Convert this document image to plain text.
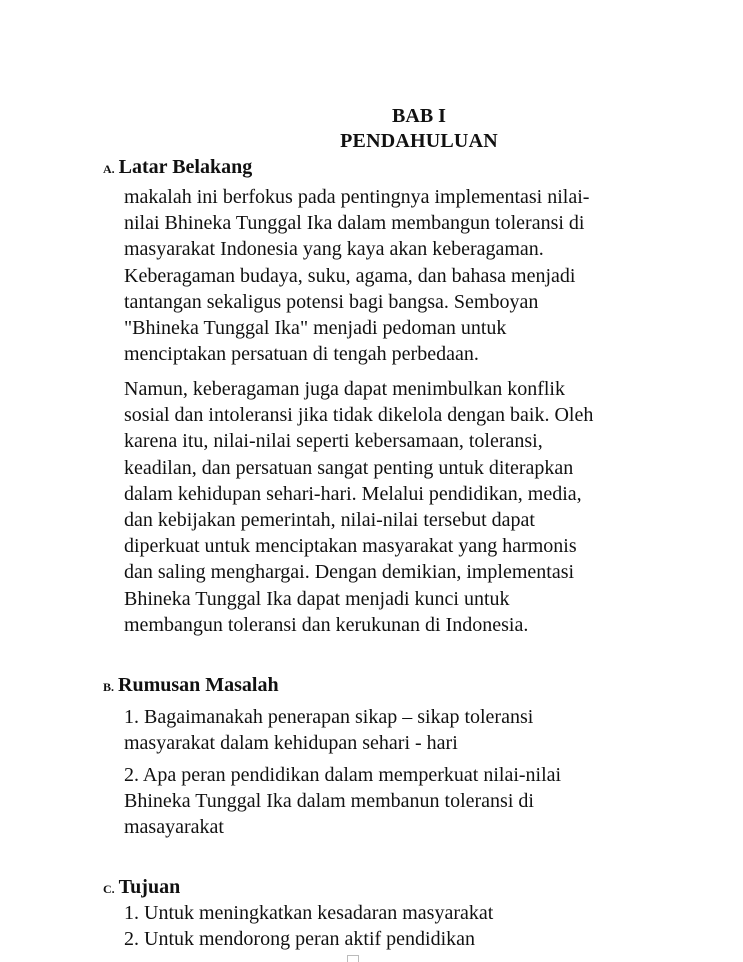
BAB I
PENDAHULUAN
A. Latar Belakang
makalah ini berfokus pada pentingnya implementasi nilai-
nilai Bhineka Tunggal Ika dalam membangun toleransi di
masyarakat Indonesia yang kaya akan keberagaman.
Keberagaman budaya, suku, agama, dan bahasa menjadi
tantangan sekaligus potensi bagi bangsa. Semboyan
"Bhineka Tunggal Ika" menjadi pedoman untuk
menciptakan persatuan di tengah perbedaan.
Namun, keberagaman juga dapat menimbulkan konflik
sosial dan intoleransi jika tidak dikelola dengan baik. Oleh
karena itu, nilai-nilai seperti kebersamaan, toleransi,
keadilan, dan persatuan sangat penting untuk diterapkan
dalam kehidupan sehari-hari. Melalui pendidikan, media,
dan kebijakan pemerintah, nilai-nilai tersebut dapat
diperkuat untuk menciptakan masyarakat yang harmonis
dan saling menghargai. Dengan demikian, implementasi
Bhineka Tunggal Ika dapat menjadi kunci untuk
membangun toleransi dan kerukunan di Indonesia.
B. Rumusan Masalah
1. Bagaimanakah penerapan sikap – sikap toleransi
masyarakat dalam kehidupan sehari - hari
2. Apa peran pendidikan dalam memperkuat nilai-nilai
Bhineka Tunggal Ika dalam membanun toleransi di
masayarakat
C. Tujuan
1. Untuk meningkatkan kesadaran masyarakat
2. Untuk mendorong peran aktif pendidikan
